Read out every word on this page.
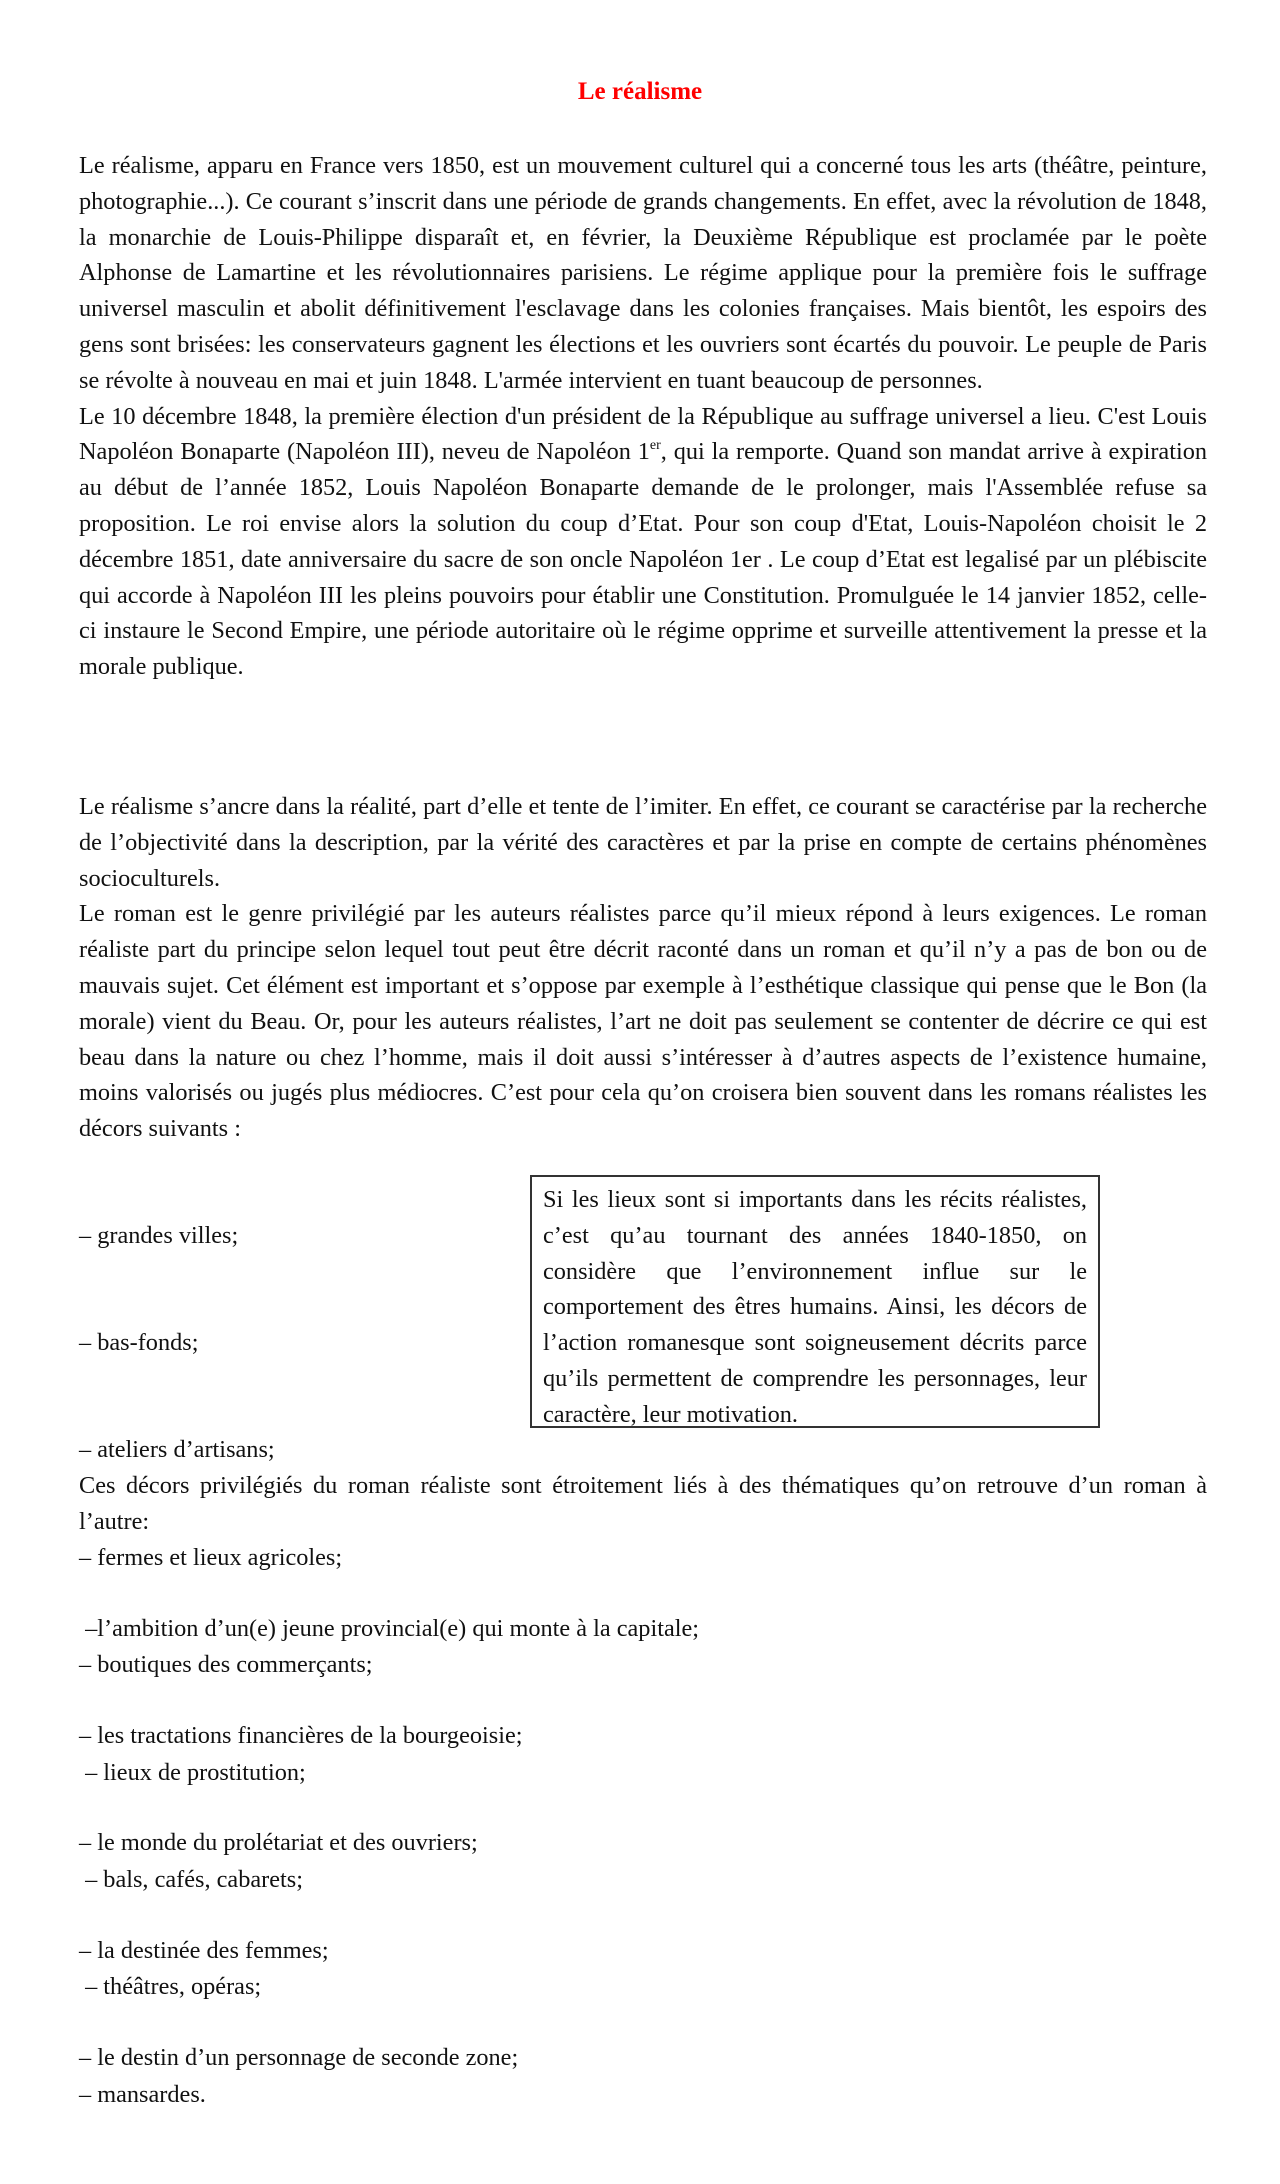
Le réalisme

Le réalisme, apparu en France vers 1850, est un mouvement culturel qui a concerné tous les arts (théâtre, peinture, photographie...). Ce courant s’inscrit dans une période de grands changements. En effet, avec la révolution de 1848, la monarchie de Louis-Philippe disparaît et, en février, la Deuxième République est proclamée par le poète Alphonse de Lamartine et les révolutionnaires parisiens. Le régime applique pour la première fois le suffrage universel masculin et abolit définitivement l'esclavage dans les colonies françaises. Mais bientôt, les espoirs des gens sont brisées: les conservateurs gagnent les élections et les ouvriers sont écartés du pouvoir. Le peuple de Paris se révolte à nouveau en mai et juin 1848. L'armée intervient en tuant beaucoup de personnes.

Le 10 décembre 1848, la première élection d'un président de la République au suffrage universel a lieu. C'est Louis Napoléon Bonaparte (Napoléon III), neveu de Napoléon 1er, qui la remporte. Quand son mandat arrive à expiration au début de l’année 1852, Louis Napoléon Bonaparte demande de le prolonger, mais l'Assemblée refuse sa proposition. Le roi envise alors la solution du coup d’Etat. Pour son coup d'Etat, Louis-Napoléon choisit le 2 décembre 1851, date anniversaire du sacre de son oncle Napoléon 1er . Le coup d’Etat est legalisé par un plébiscite qui accorde à Napoléon III les pleins pouvoirs pour établir une Constitution. Promulguée le 14 janvier 1852, celle-ci instaure le Second Empire, une période autoritaire où le régime opprime et surveille attentivement la presse et la morale publique.

Le réalisme s’ancre dans la réalité, part d’elle et tente de l’imiter. En effet, ce courant se caractérise par la recherche de l’objectivité dans la description, par la vérité des caractères et par la prise en compte de certains phénomènes socioculturels.

Le roman est le genre privilégié par les auteurs réalistes parce qu’il mieux répond à leurs exigences. Le roman réaliste part du principe selon lequel tout peut être décrit raconté dans un roman et qu’il n’y a pas de bon ou de mauvais sujet. Cet élément est important et s’oppose par exemple à l’esthétique classique qui pense que le Bon (la morale) vient du Beau. Or, pour les auteurs réalistes, l’art ne doit pas seulement se contenter de décrire ce qui est beau dans la nature ou chez l’homme, mais il doit aussi s’intéresser à d’autres aspects de l’existence humaine, moins valorisés ou jugés plus médiocres. C’est pour cela qu’on croisera bien souvent dans les romans réalistes les décors suivants :

– grandes villes;

– bas-fonds;

– ateliers d’artisans;

– fermes et lieux agricoles;

– boutiques des commerçants;

– lieux de prostitution;

– bals, cafés, cabarets;

– théâtres, opéras;

– mansardes.

Si les lieux sont si importants dans les récits réalistes, c’est qu’au tournant des années 1840-1850, on considère que l’environnement influe sur le comportement des êtres humains. Ainsi, les décors de l’action romanesque sont soigneusement décrits parce qu’ils permettent de comprendre les personnages, leur caractère, leur motivation.

Ces décors privilégiés du roman réaliste sont étroitement liés à des thématiques qu’on retrouve d’un roman à l’autre:

–l’ambition d’un(e) jeune provincial(e) qui monte à la capitale;

– les tractations financières de la bourgeoisie;

– le monde du prolétariat et des ouvriers;

– la destinée des femmes;

– le destin d’un personnage de seconde zone;
